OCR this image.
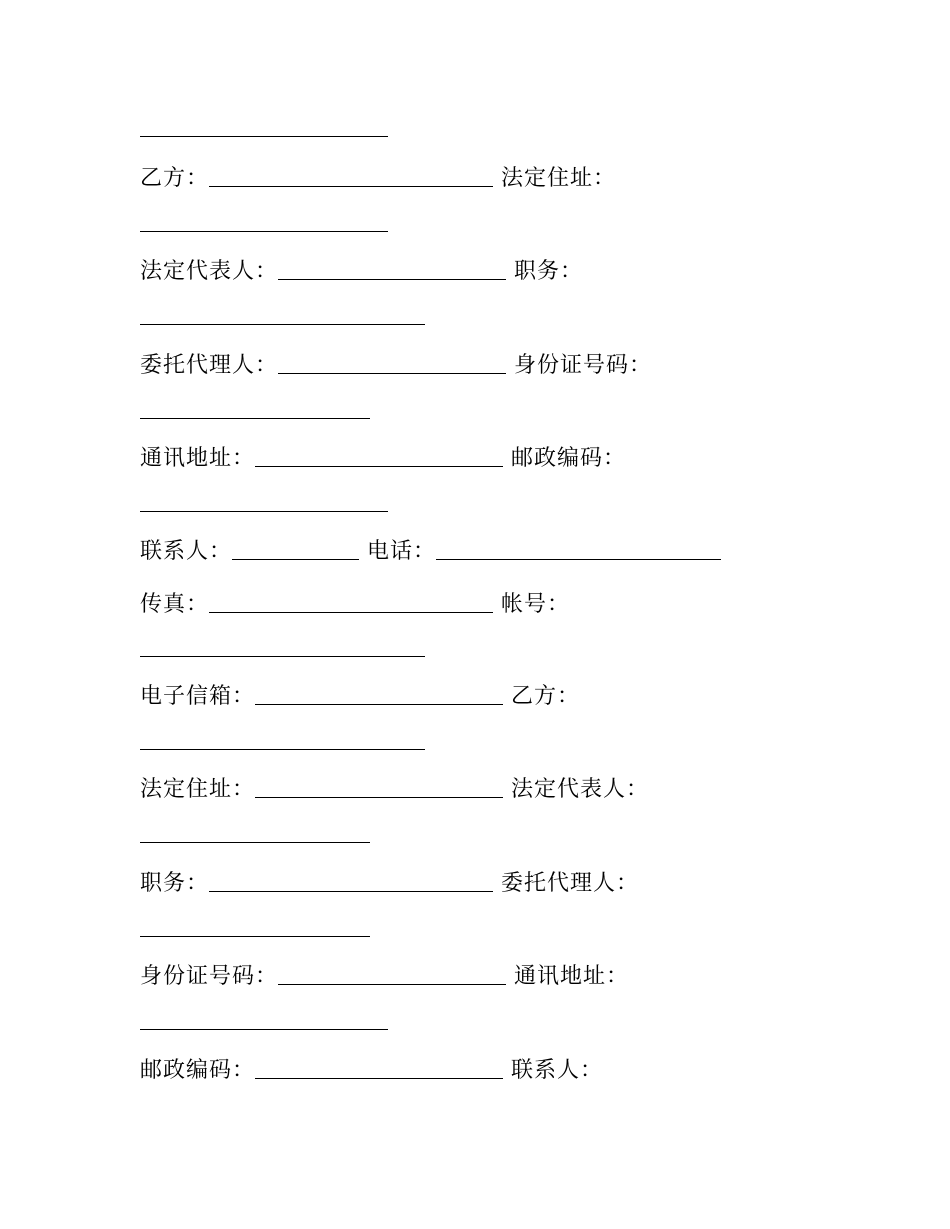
乙方：	法定住址：
法定代表人：	职务：
委托代理人：	身份证号码：
通讯地址：	邮政编码：
联系人：	电话：
传真：	帐号：
电子信箱：	乙方：
法定住址：	法定代表人：
职务：	委托代理人：
身份证号码：	通讯地址：
邮政编码：	联系人：
